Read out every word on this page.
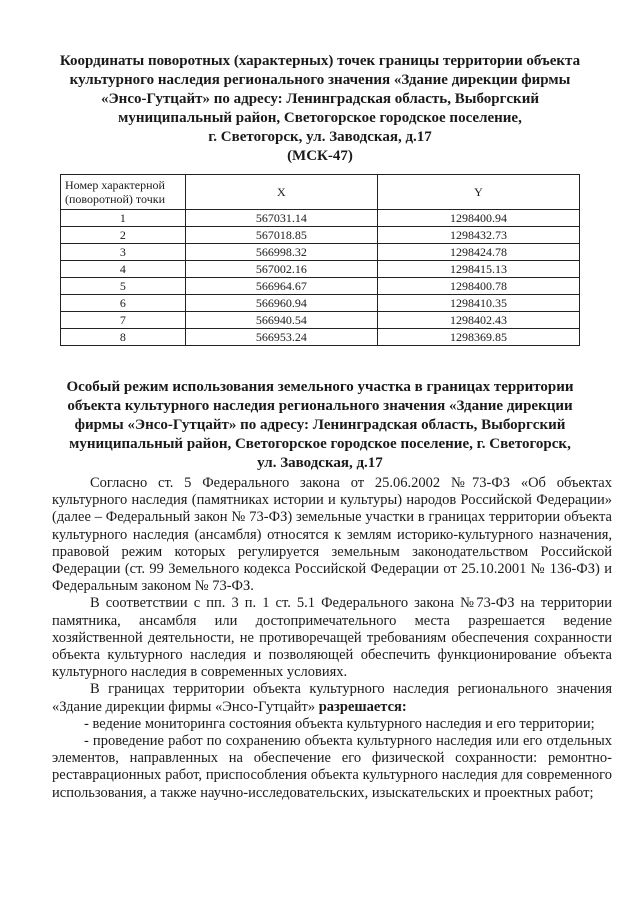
Координаты поворотных (характерных) точек границы территории объекта
культурного наследия регионального значения «Здание дирекции фирмы
«Энсо-Гутцайт» по адресу: Ленинградская область, Выборгский
муниципальный район, Светогорское городское поселение,
г. Светогорск, ул. Заводская, д.17
(МСК-47)
Номер характерной
(поворотной) точки	X	Y
1	567031.14	1298400.94
2	567018.85	1298432.73
3	566998.32	1298424.78
4	567002.16	1298415.13
5	566964.67	1298400.78
6	566960.94	1298410.35
7	566940.54	1298402.43
8	566953.24	1298369.85
Особый режим использования земельного участка в границах территории
объекта культурного наследия регионального значения «Здание дирекции
фирмы «Энсо-Гутцайт» по адресу: Ленинградская область, Выборгский
муниципальный район, Светогорское городское поселение, г. Светогорск,
ул. Заводская, д.17

Согласно ст. 5 Федерального закона от 25.06.2002 №73-ФЗ «Об объектах культурного наследия (памятниках истории и культуры) народов Российской Федерации» (далее – Федеральный закон № 73-ФЗ) земельные участки в границах территории объекта культурного наследия (ансамбля) относятся к землям историко-культурного назначения, правовой режим которых регулируется земельным законодательством Российской Федерации (ст. 99 Земельного кодекса Российской Федерации от 25.10.2001 № 136-ФЗ) и Федеральным законом № 73-ФЗ.

В соответствии с пп. 3 п. 1 ст. 5.1 Федерального закона №73-ФЗ на территории памятника, ансамбля или достопримечательного места разрешается ведение хозяйственной деятельности, не противоречащей требованиям обеспечения сохранности объекта культурного наследия и позволяющей обеспечить функционирование объекта культурного наследия в современных условиях.

В границах территории объекта культурного наследия регионального значения «Здание дирекции фирмы «Энсо-Гутцайт» разрешается:

- ведение мониторинга состояния объекта культурного наследия и его территории;

- проведение работ по сохранению объекта культурного наследия или его отдельных элементов, направленных на обеспечение его физической сохранности: ремонтно-реставрационных работ, приспособления объекта культурного наследия для современного использования, а также научно-исследовательских, изыскательских и проектных работ;
